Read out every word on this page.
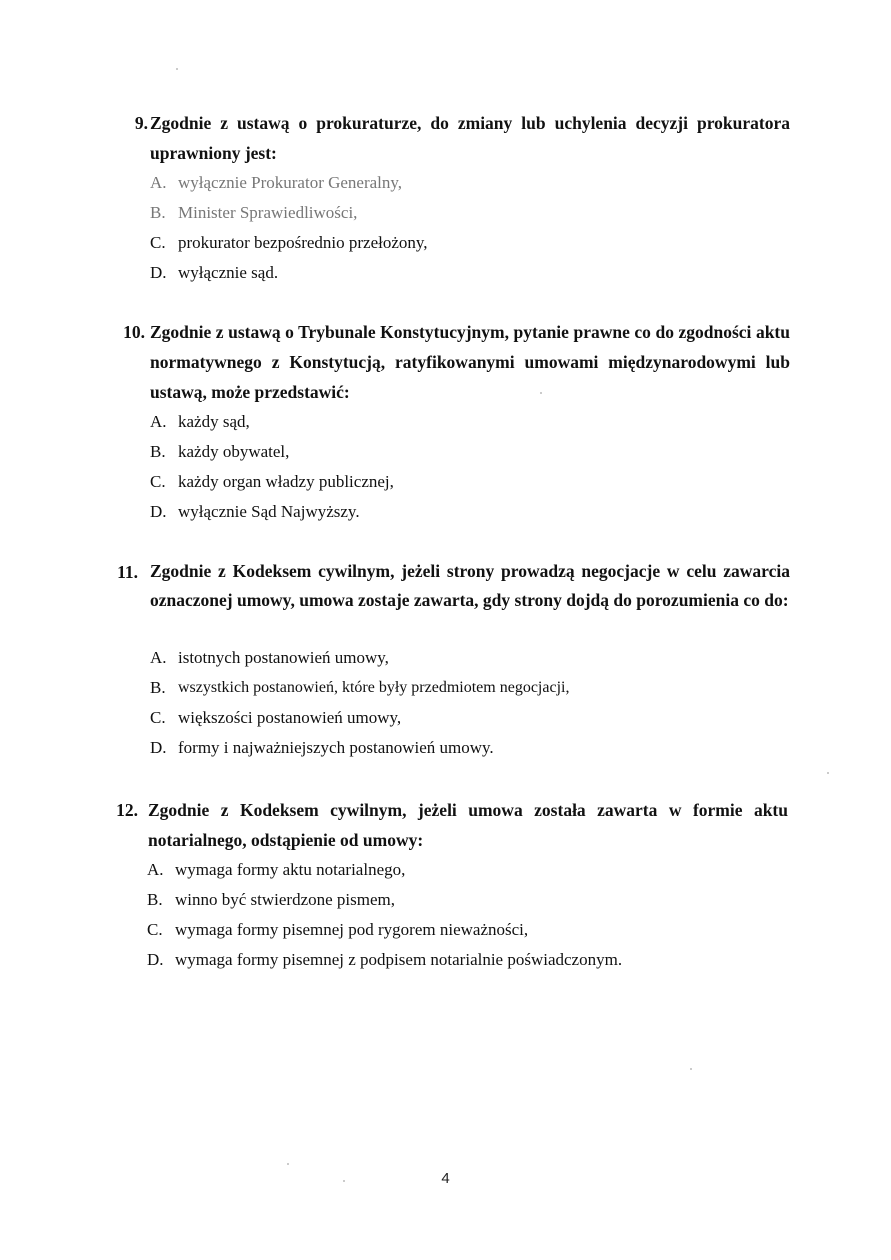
9. Zgodnie z ustawą o prokuraturze, do zmiany lub uchylenia decyzji prokuratora uprawniony jest:
A. wyłącznie Prokurator Generalny,
B. Minister Sprawiedliwości,
C. prokurator bezpośrednio przełożony,
D. wyłącznie sąd.
10. Zgodnie z ustawą o Trybunale Konstytucyjnym, pytanie prawne co do zgodności aktu normatywnego z Konstytucją, ratyfikowanymi umowami międzynarodowymi lub ustawą, może przedstawić:
A. każdy sąd,
B. każdy obywatel,
C. każdy organ władzy publicznej,
D. wyłącznie Sąd Najwyższy.
11. Zgodnie z Kodeksem cywilnym, jeżeli strony prowadzą negocjacje w celu zawarcia oznaczonej umowy, umowa zostaje zawarta, gdy strony dojdą do porozumienia co do:
A. istotnych postanowień umowy,
B. wszystkich postanowień, które były przedmiotem negocjacji,
C. większości postanowień umowy,
D. formy i najważniejszych postanowień umowy.
12. Zgodnie z Kodeksem cywilnym, jeżeli umowa została zawarta w formie aktu notarialnego, odstąpienie od umowy:
A. wymaga formy aktu notarialnego,
B. winno być stwierdzone pismem,
C. wymaga formy pisemnej pod rygorem nieważności,
D. wymaga formy pisemnej z podpisem notarialnie poświadczonym.
4
